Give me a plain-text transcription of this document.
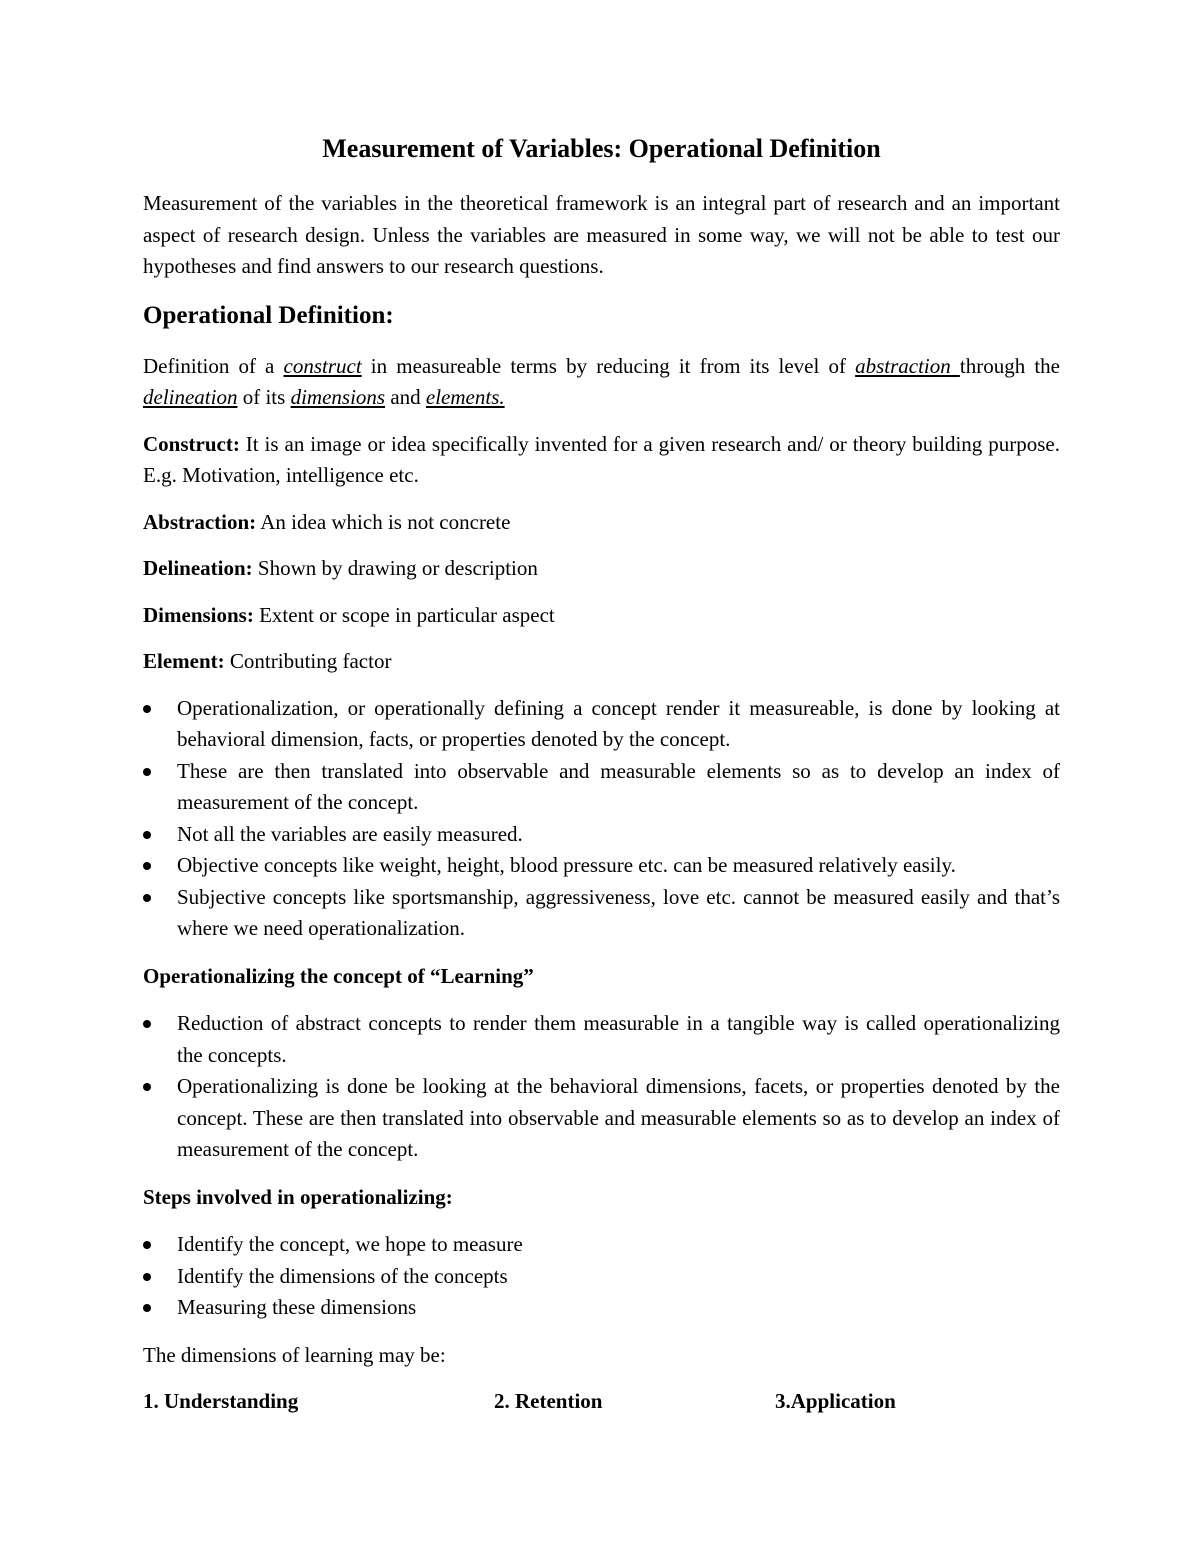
Measurement of Variables: Operational Definition

Measurement of the variables in the theoretical framework is an integral part of research and an important aspect of research design. Unless the variables are measured in some way, we will not be able to test our hypotheses and find answers to our research questions.

Operational Definition:

Definition of a construct in measureable terms by reducing it from its level of abstraction through the delineation of its dimensions and elements.

Construct: It is an image or idea specifically invented for a given research and/ or theory building purpose. E.g. Motivation, intelligence etc.

Abstraction: An idea which is not concrete

Delineation: Shown by drawing or description

Dimensions: Extent or scope in particular aspect

Element: Contributing factor

Operationalization, or operationally defining a concept render it measureable, is done by looking at behavioral dimension, facts, or properties denoted by the concept.
These are then translated into observable and measurable elements so as to develop an index of measurement of the concept.
Not all the variables are easily measured.
Objective concepts like weight, height, blood pressure etc. can be measured relatively easily.
Subjective concepts like sportsmanship, aggressiveness, love etc. cannot be measured easily and that’s where we need operationalization.

Operationalizing the concept of “Learning”

Reduction of abstract concepts to render them measurable in a tangible way is called operationalizing the concepts.
Operationalizing is done be looking at the behavioral dimensions, facets, or properties denoted by the concept. These are then translated into observable and measurable elements so as to develop an index of measurement of the concept.

Steps involved in operationalizing:

Identify the concept, we hope to measure
Identify the dimensions of the concepts
Measuring these dimensions

The dimensions of learning may be:

1. Understanding	2. Retention	3.Application
